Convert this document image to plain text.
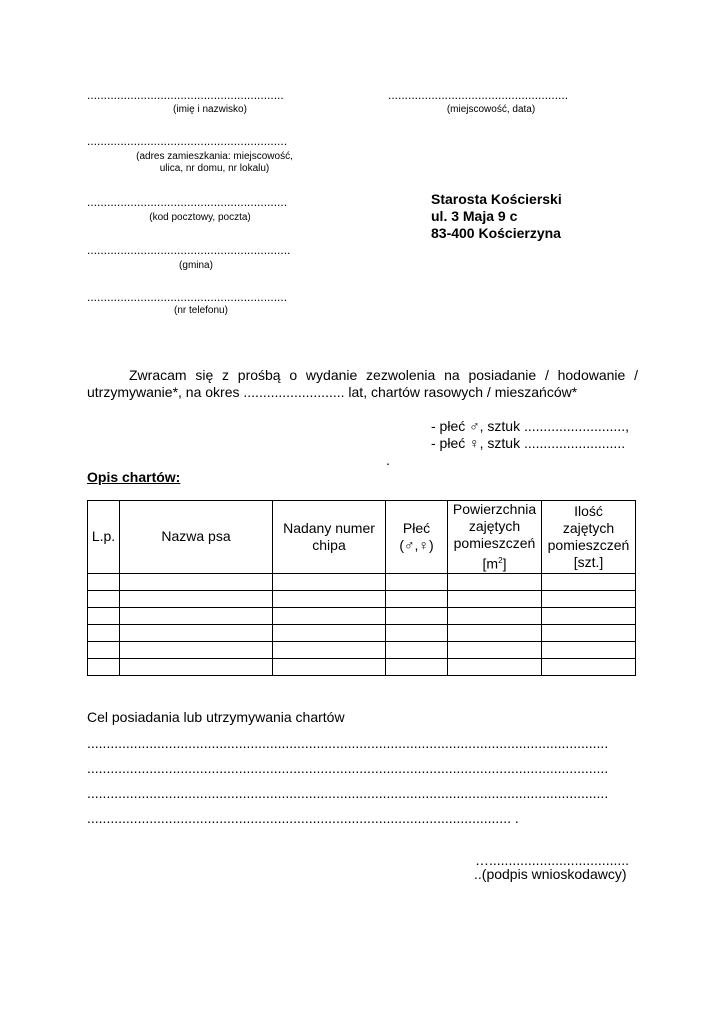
...........................................................
(imię i nazwisko)
......................................................
(miejscowość, data)
............................................................
(adres zamieszkania: miejscowość,
ulica, nr domu, nr lokalu)
............................................................
(kod pocztowy, poczta)
.............................................................
(gmina)
............................................................
(nr telefonu)
Starosta Kościerski
ul. 3 Maja 9 c
83-400 Kościerzyna
Zwracam się z prośbą o wydanie zezwolenia na posiadanie / hodowanie /
utrzymywanie*, na okres .......................... lat, chartów rasowych / mieszańców*
- płeć ♂, sztuk ..........................,
- płeć ♀, sztuk ..........................
.
Opis chartów:
L.p.	Nazwa psa	Nadany numer
chipa	Płeć
(♂,♀)	Powierzchnia
zajętych
pomieszczeń
$[m^2]$	Ilość
zajętych
pomieszczeń
[szt.]

Cel posiadania lub utrzymywania chartów
......................................................................................................................................
......................................................................................................................................
......................................................................................................................................
............................................................................................................. .
…....................................
..(podpis wnioskodawcy)
